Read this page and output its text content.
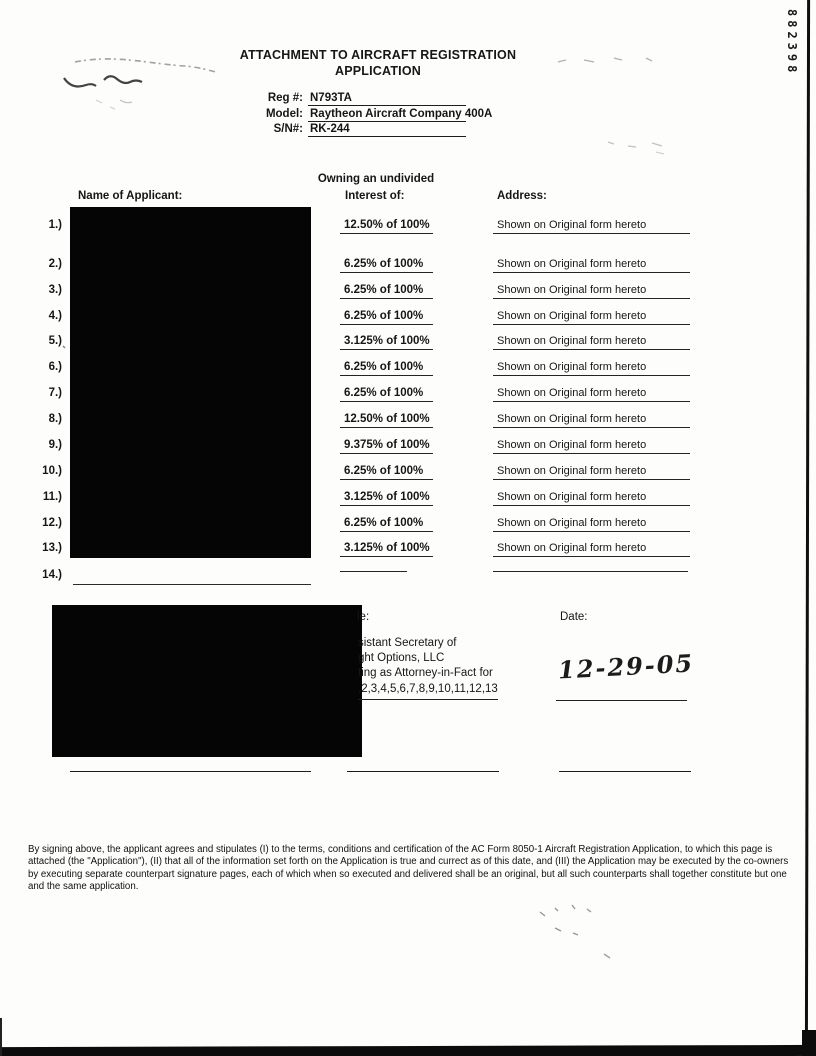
882398
ATTACHMENT TO AIRCRAFT REGISTRATION
APPLICATION
Reg #: N793TA
Model: Raytheon Aircraft Company 400A
S/N#: RK-244
Owning an undivided
Name of Applicant:	Interest of:	Address:
1.)	12.50% of 100%	Shown on Original form hereto
2.)	6.25% of 100%	Shown on Original form hereto
3.)	6.25% of 100%	Shown on Original form hereto
4.)	6.25% of 100%	Shown on Original form hereto
5.)	3.125% of 100%	Shown on Original form hereto
6.)	6.25% of 100%	Shown on Original form hereto
7.)	6.25% of 100%	Shown on Original form hereto
8.)	12.50% of 100%	Shown on Original form hereto
9.)	9.375% of 100%	Shown on Original form hereto
10.)	6.25% of 100%	Shown on Original form hereto
11.)	3.125% of 100%	Shown on Original form hereto
12.)	6.25% of 100%	Shown on Original form hereto
13.)	3.125% of 100%	Shown on Original form hereto
14.)
le:	Date:
sistant Secretary of
ght Options, LLC
ting as Attorney-in-Fact for
,2,3,4,5,6,7,8,9,10,11,12,13
12-29-05
By signing above, the applicant agrees and stipulates (I) to the terms, conditions and certification of the AC Form 8050-1 Aircraft Registration Application, to which this page is attached (the "Application"), (II) that all of the information set forth on the Application is true and currect as of this date, and (III) the Application may be executed by the co-owners by executing separate counterpart signature pages, each of which when so executed and delivered shall be an original, but all such counterparts shall together constitute but one and the same application.
